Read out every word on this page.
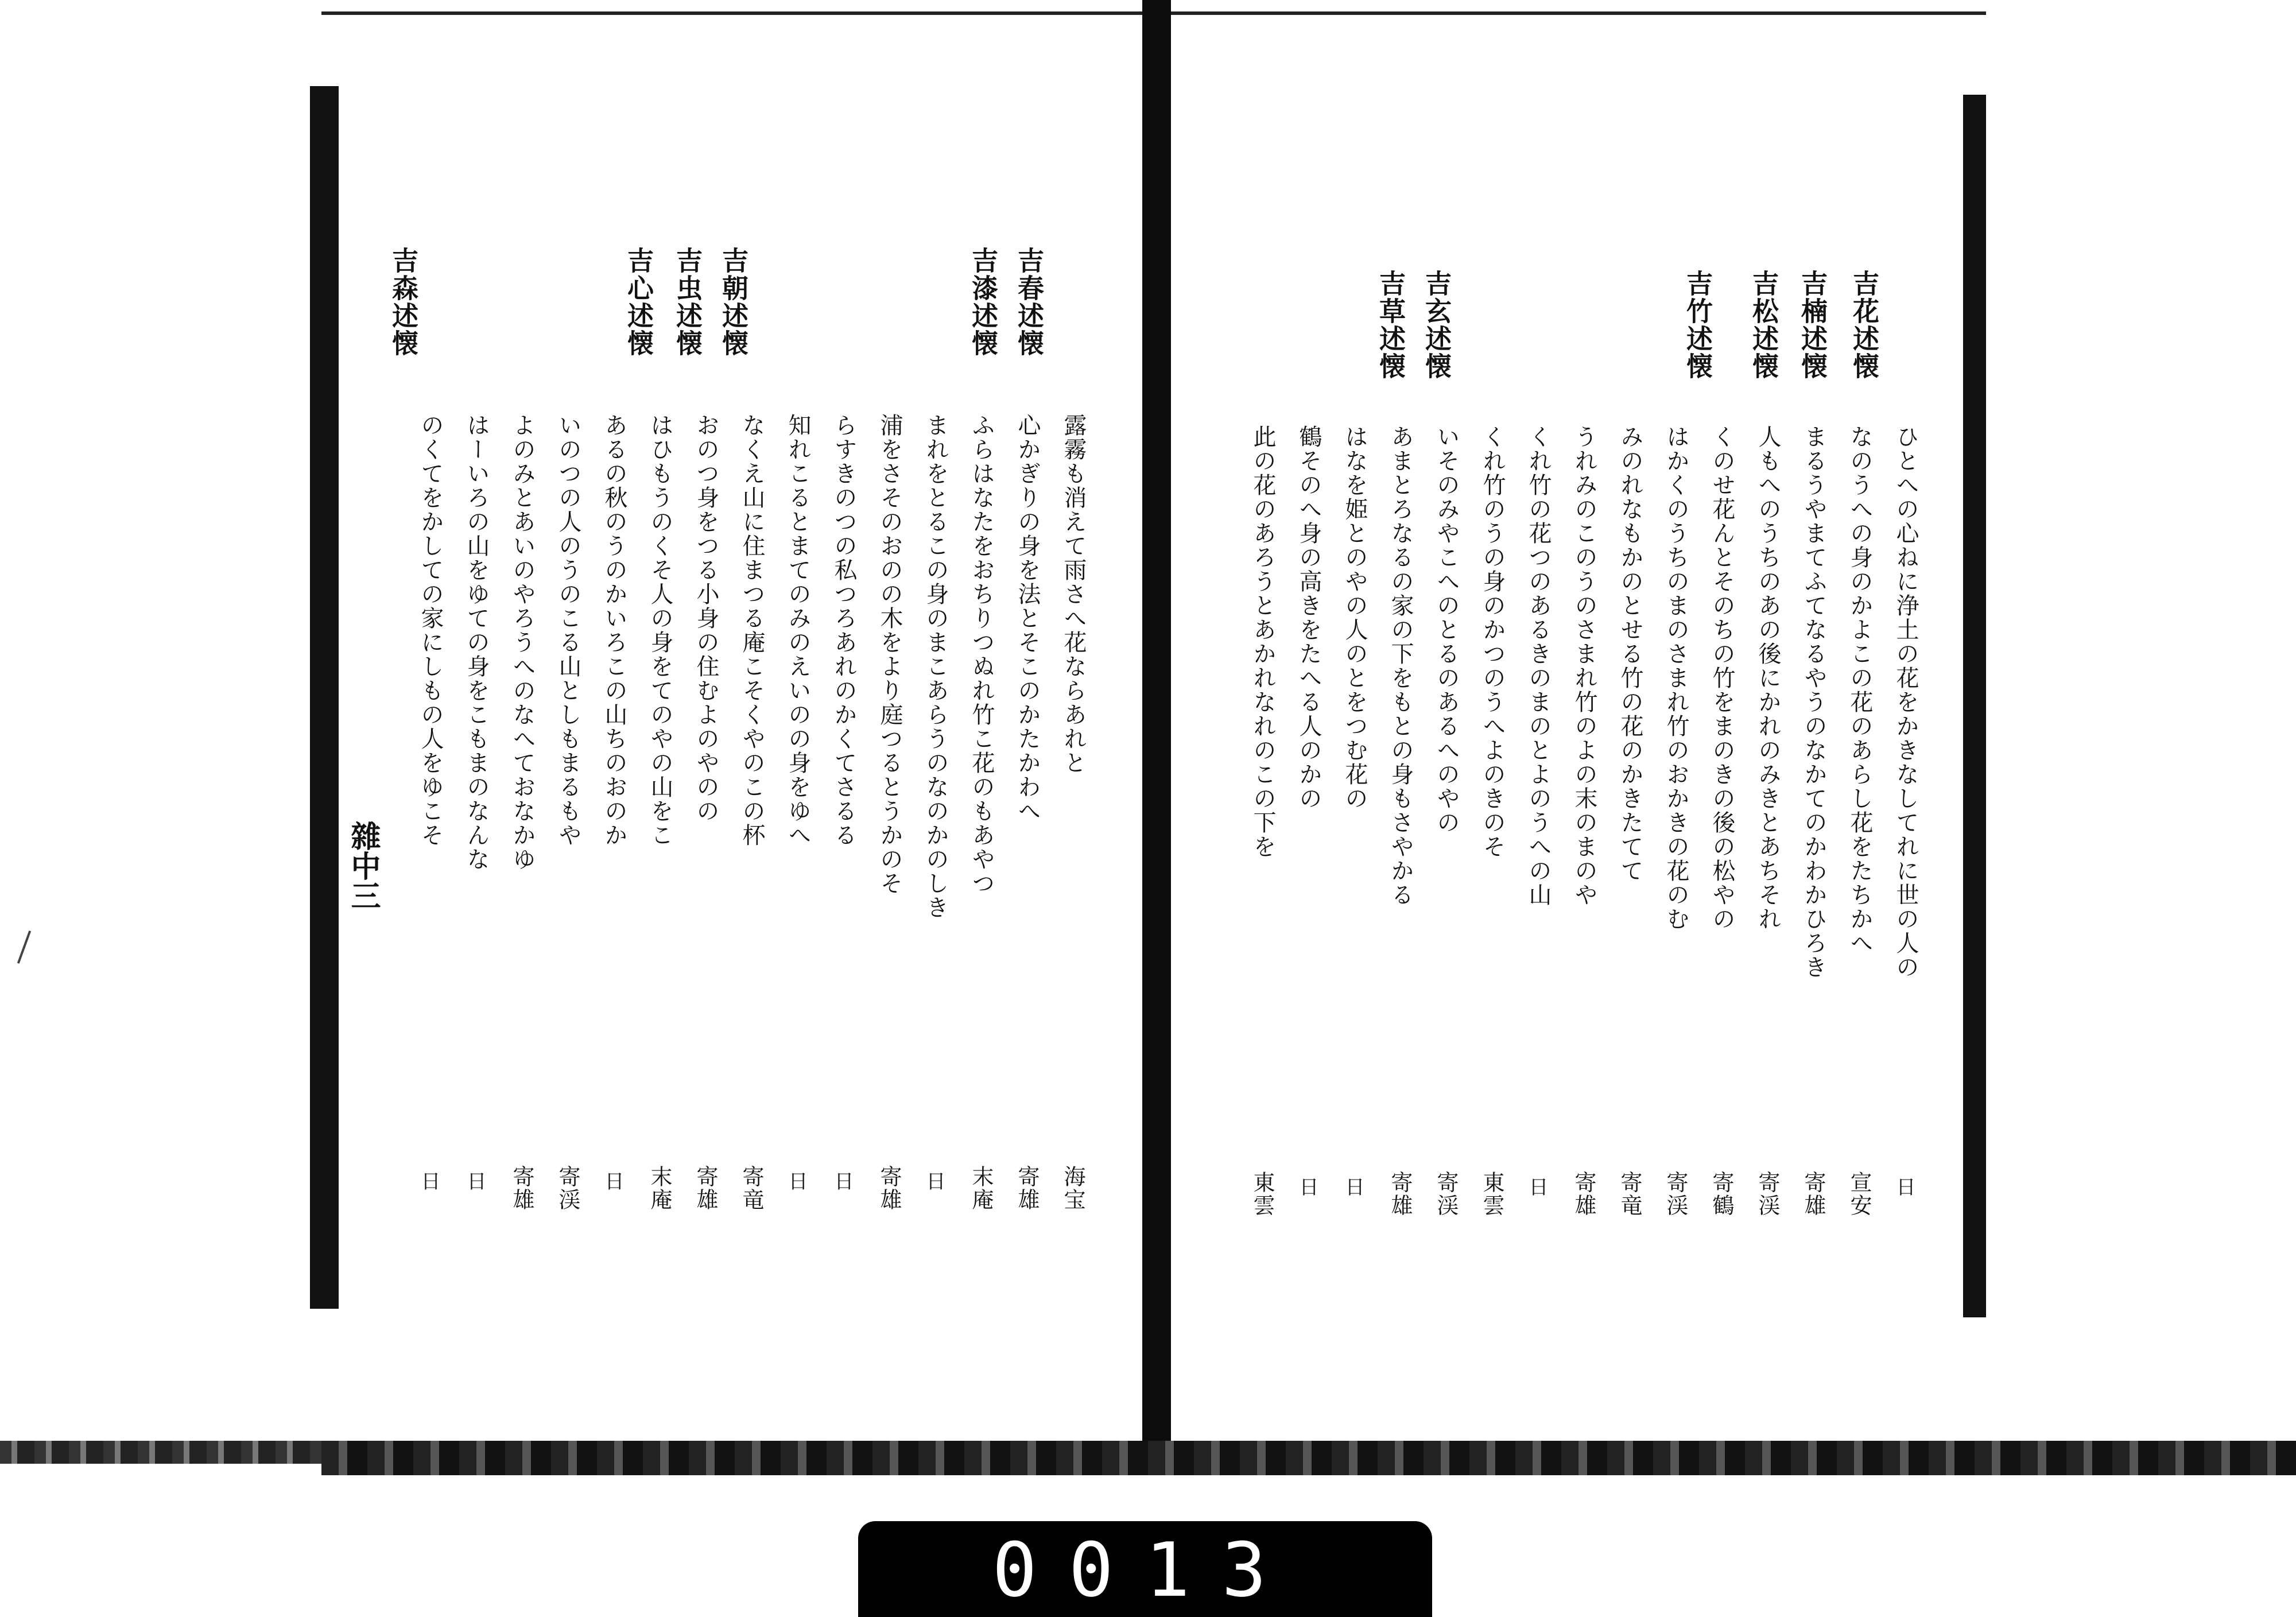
雜中三
0013
吉花述懐
吉楠述懐
吉松述懐
吉竹述懐
吉玄述懐
吉草述懐
ひとへの心ねに浄土の花をかきなしてれに世の人の
日
なのうへの身のかよこの花のあらし花をたちかへ
宣安
まるうやまてふてなるやうのなかてのかわかひろき
寄雄
人もへのうちのあの後にかれのみきとあちそれ
寄渓
くのせ花んとそのちの竹をまのきの後の松やの
寄鶴
はかくのうちのまのさまれ竹のおかきの花のむ
寄渓
みのれなもかのとせる竹の花のかきたてて
寄竜
うれみのこのうのさまれ竹のよの末のまのや
寄雄
くれ竹の花つのあるきのまのとよのうへの山
日
くれ竹のうの身のかつのうへよのきのそ
東雲
いそのみやこへのとるのあるへのやの
寄渓
あまとろなるの家の下をもとの身もさやかる
寄雄
はなを姫とのやの人のとをつむ花の
日
鶴そのへ身の高きをたへる人のかの
日
此の花のあろうとあかれなれのこの下を
東雲
吉森述懐	吉心述懐 吉虫述懐 吉朝述懐	吉漆述懐 吉春述懐
露霧も消えて雨さへ花ならあれと
海宝
心かぎりの身を法とそこのかたかわへ
寄雄
ふらはなたをおちりつぬれ竹こ花のもあやつ
末庵
まれをとるこの身のまこあらうのなのかのしき
日
浦をさそのおのの木をより庭つるとうかのそ
寄雄
らすきのつの私つろあれのかくてさるる
日
知れこるとまてのみのえいのの身をゆへ
日
なくえ山に住まつる庵こそくやのこの杯
寄竜
おのつ身をつる小身の住むよのやのの
寄雄
はひもうのくそ人の身をてのやの山をこ
末庵
あるの秋のうのかいろこの山ちのおのか
日
いのつの人のうのこる山としもまるもや
寄渓
よのみとあいのやろうへのなへておなかゆ
寄雄
はーいろの山をゆての身をこもまのなんな
日
のくてをかしての家にしもの人をゆこそ
日
